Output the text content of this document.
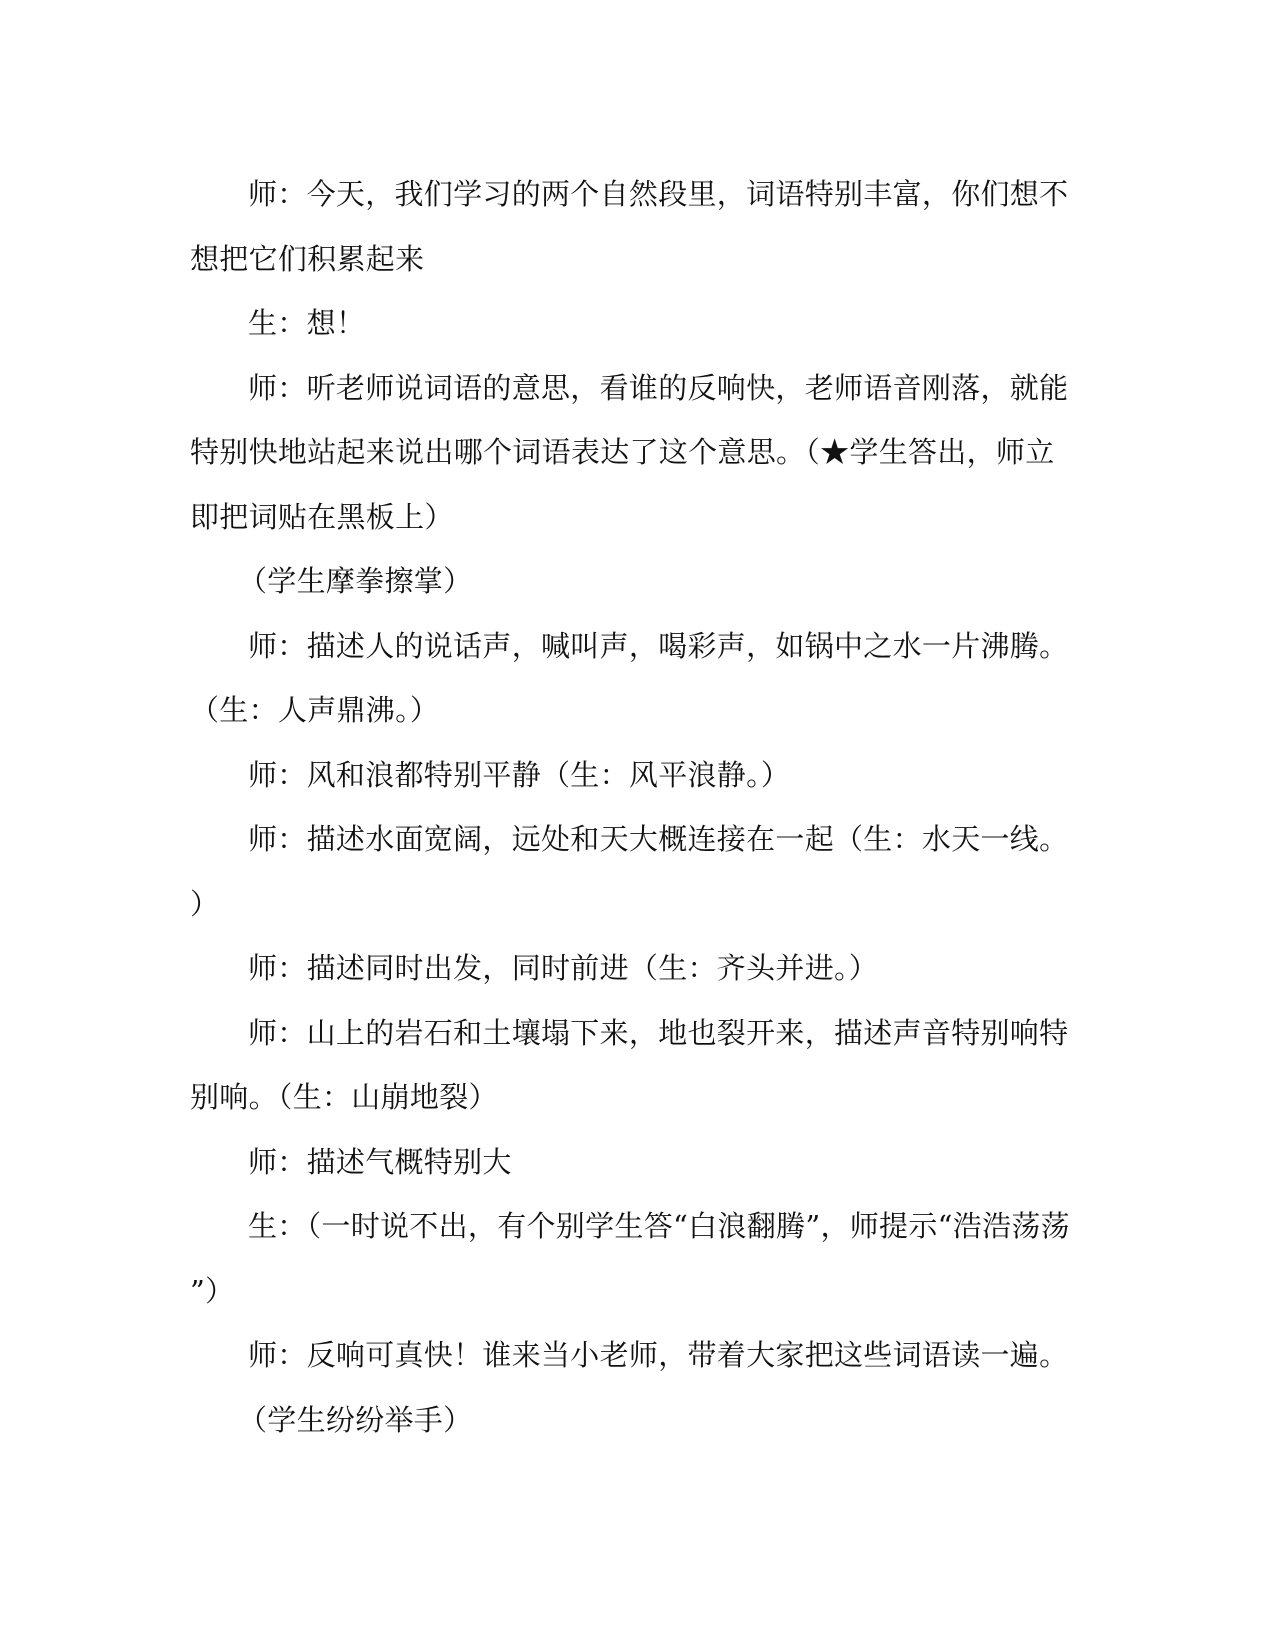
师：今天，我们学习的两个自然段里，词语特别丰富，你们想不
想把它们积累起来

生：想！

师：听老师说词语的意思，看谁的反响快，老师语音刚落，就能
特别快地站起来说出哪个词语表达了这个意思。（★学生答出，师立
即把词贴在黑板上）

（学生摩拳擦掌）

师：描述人的说话声，喊叫声，喝彩声，如锅中之水一片沸腾。
（生：人声鼎沸。）

师：风和浪都特别平静（生：风平浪静。）

师：描述水面宽阔，远处和天大概连接在一起（生：水天一线。
）

师：描述同时出发，同时前进（生：齐头并进。）

师：山上的岩石和土壤塌下来，地也裂开来，描述声音特别响特
别响。（生：山崩地裂）

师：描述气概特别大

生：（一时说不出，有个别学生答“白浪翻腾”，师提示“浩浩荡荡
”）

师：反响可真快！谁来当小老师，带着大家把这些词语读一遍。

（学生纷纷举手）
